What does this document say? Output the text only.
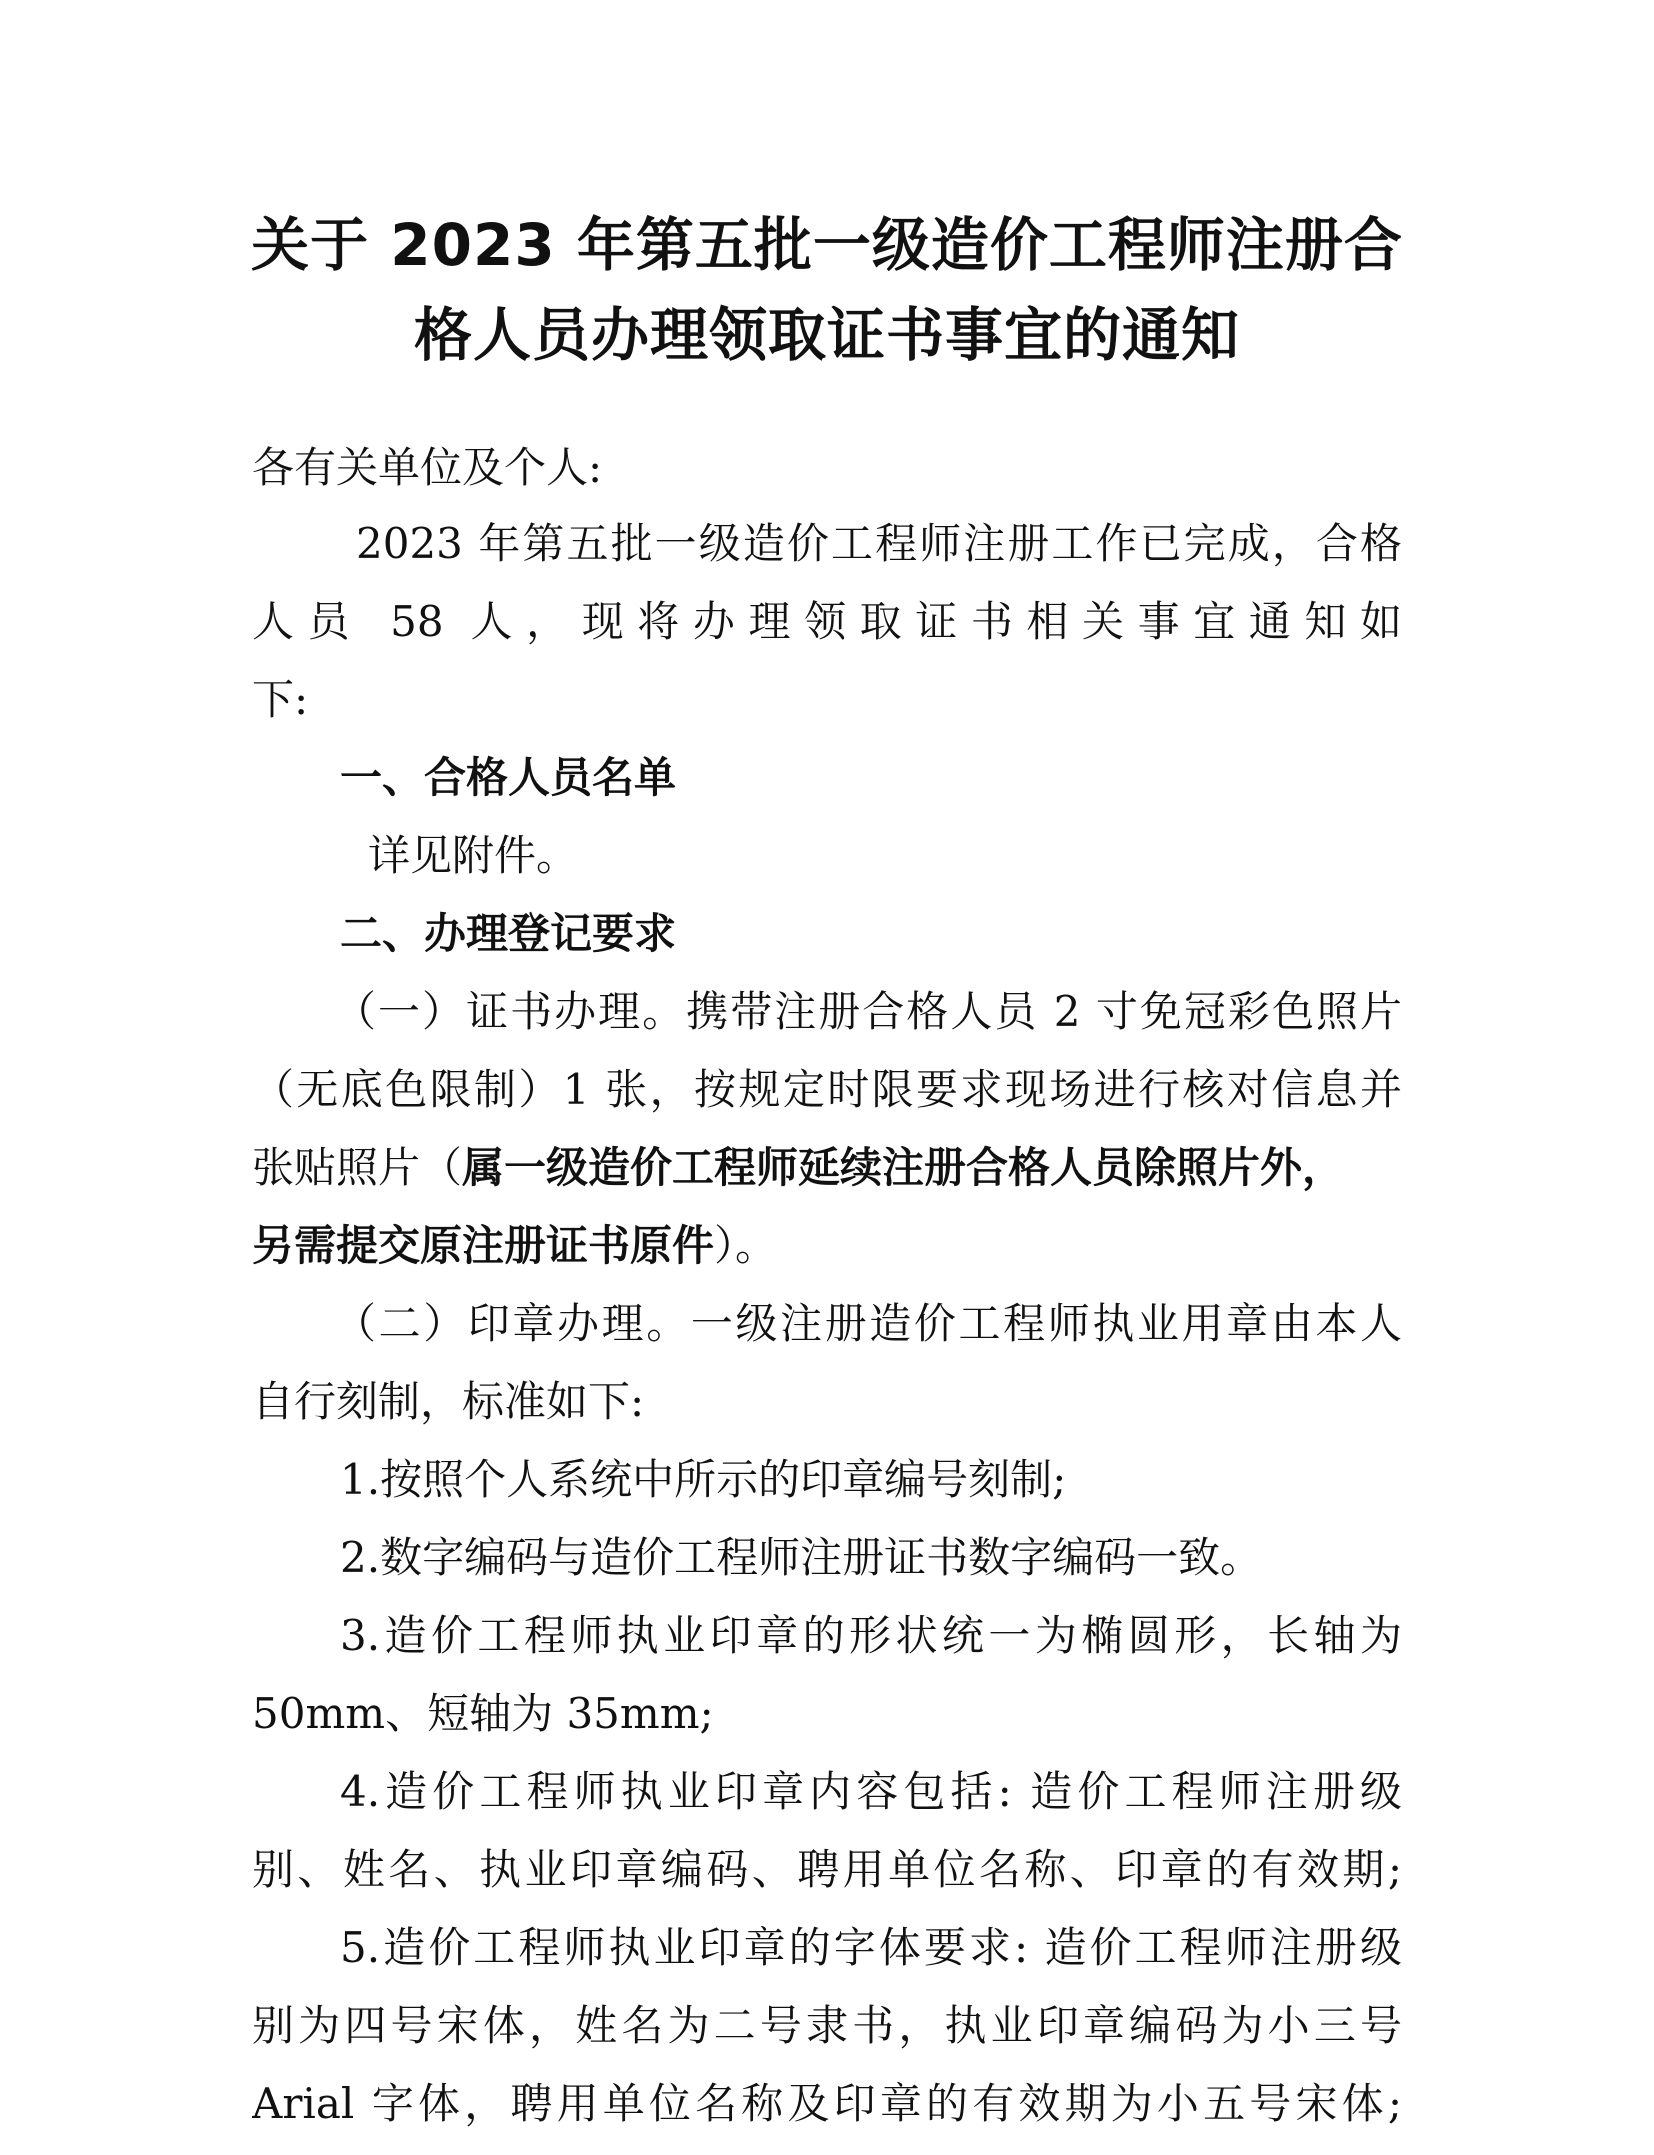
关于 2023 年第五批一级造价工程师注册合
格人员办理领取证书事宜的通知
各有关单位及个人:
2023 年第五批一级造价工程师注册工作已完成，合格
人员 58 人，现将办理领取证书相关事宜通知如
下:
一、合格人员名单
详见附件。
二、办理登记要求
（一）证书办理。携带注册合格人员 2 寸免冠彩色照片
（无底色限制）1 张，按规定时限要求现场进行核对信息并
张贴照片（属一级造价工程师延续注册合格人员除照片外，
另需提交原注册证书原件）。
（二）印章办理。一级注册造价工程师执业用章由本人
自行刻制，标准如下:
1.按照个人系统中所示的印章编号刻制;
2.数字编码与造价工程师注册证书数字编码一致。
3.造价工程师执业印章的形状统一为椭圆形，长轴为
50mm、短轴为 35mm;
4.造价工程师执业印章内容包括: 造价工程师注册级
别、姓名、执业印章编码、聘用单位名称、印章的有效期;
5.造价工程师执业印章的字体要求: 造价工程师注册级
别为四号宋体，姓名为二号隶书，执业印章编码为小三号
Arial 字体，聘用单位名称及印章的有效期为小五号宋体;
